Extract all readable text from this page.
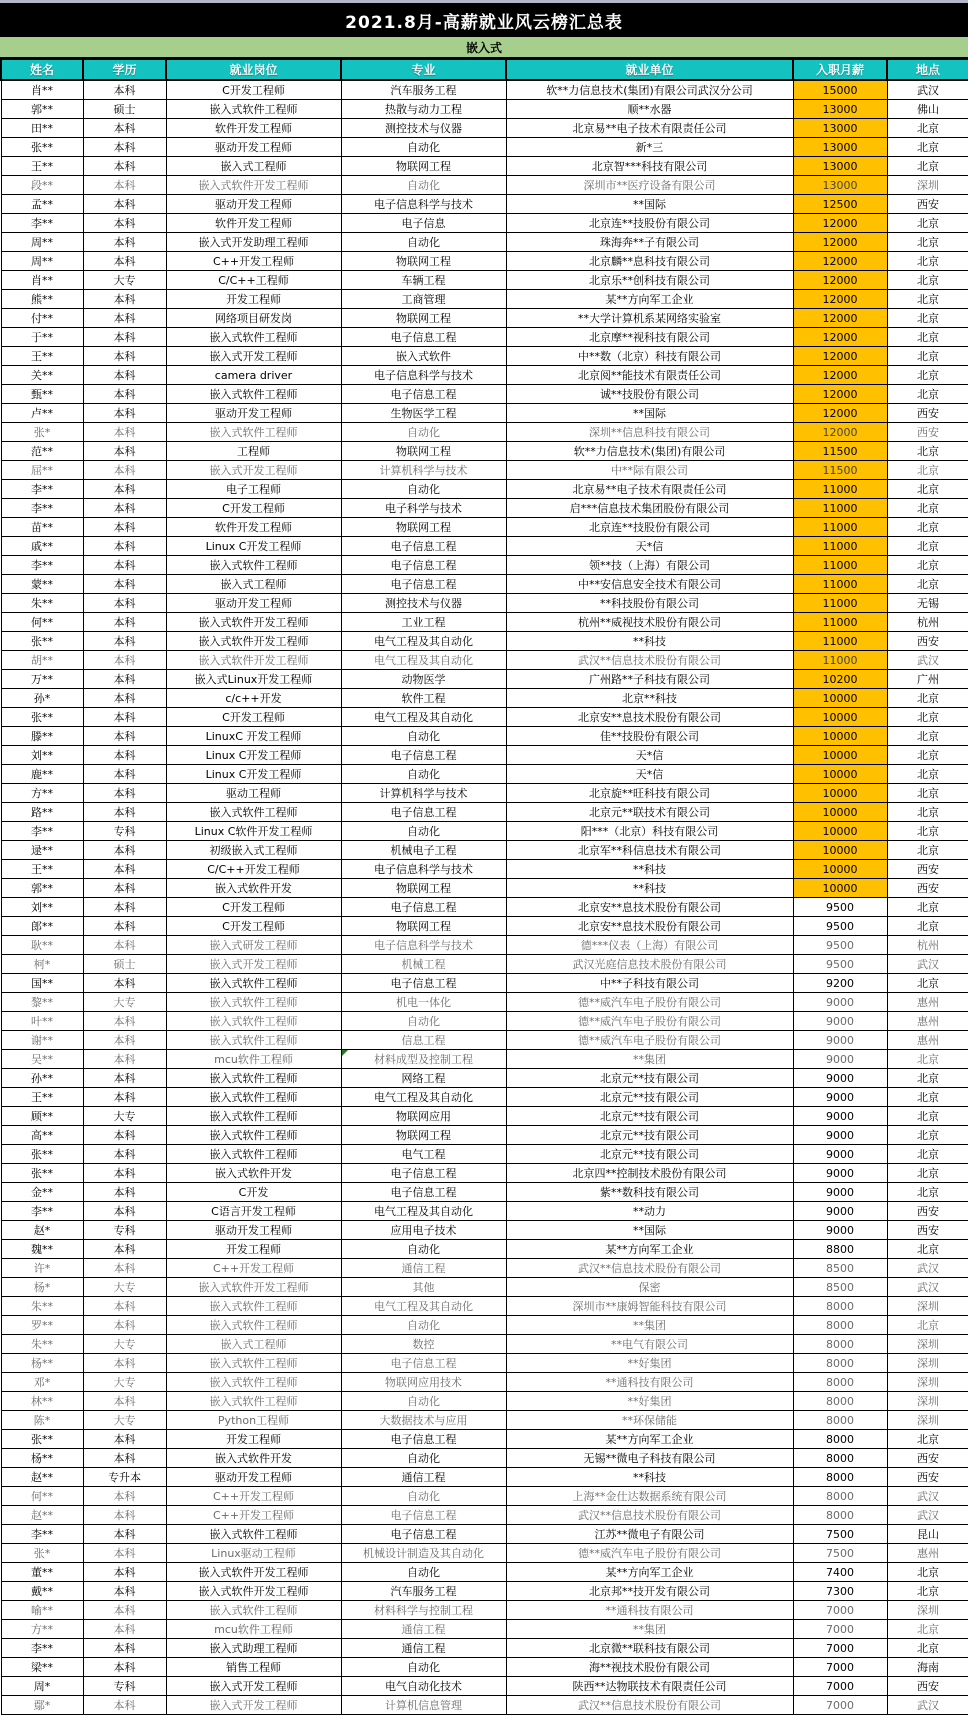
2021.8月-高薪就业风云榜汇总表
嵌入式
姓名	学历	就业岗位	专业	就业单位	入职月薪	地点
肖**	本科	C开发工程师	汽车服务工程	软**力信息技术(集团)有限公司武汉分公司	15000	武汉
郭**	硕士	嵌入式软件工程师	热散与动力工程	顺**水器	13000	佛山
田**	本科	软件开发工程师	测控技术与仪器	北京易**电子技术有限责任公司	13000	北京
张**	本科	驱动开发工程师	自动化	新*三	13000	北京
王**	本科	嵌入式工程师	物联网工程	北京智***科技有限公司	13000	北京
段**	本科	嵌入式软件开发工程师	自动化	深圳市**医疗设备有限公司	13000	深圳
孟**	本科	驱动开发工程师	电子信息科学与技术	**国际	12500	西安
李**	本科	软件开发工程师	电子信息	北京连**技股份有限公司	12000	北京
周**	本科	嵌入式开发助理工程师	自动化	珠海奔**子有限公司	12000	北京
周**	本科	C++开发工程师	物联网工程	北京麟**息科技有限公司	12000	北京
肖**	大专	C/C++工程师	车辆工程	北京乐**创科技有限公司	12000	北京
熊**	本科	开发工程师	工商管理	某**方向军工企业	12000	北京
付**	本科	网络项目研发岗	物联网工程	**大学计算机系某网络实验室	12000	北京
于**	本科	嵌入式软件工程师	电子信息工程	北京摩**视科技有限公司	12000	北京
王**	本科	嵌入式开发工程师	嵌入式软件	中**数（北京）科技有限公司	12000	北京
关**	本科	camera driver	电子信息科学与技术	北京阅**能技术有限责任公司	12000	北京
甄**	本科	嵌入式软件工程师	电子信息工程	诚**技股份有限公司	12000	北京
卢**	本科	驱动开发工程师	生物医学工程	**国际	12000	西安
张*	本科	嵌入式软件工程师	自动化	深圳**信息科技有限公司	12000	西安
范**	本科	工程师	物联网工程	软**力信息技术(集团)有限公司	11500	北京
屈**	本科	嵌入式开发工程师	计算机科学与技术	中**际有限公司	11500	北京
李**	本科	电子工程师	自动化	北京易**电子技术有限责任公司	11000	北京
李**	本科	C开发工程师	电子科学与技术	启***信息技术集团股份有限公司	11000	北京
苗**	本科	软件开发工程师	物联网工程	北京连**技股份有限公司	11000	北京
戚**	本科	Linux C开发工程师	电子信息工程	天*信	11000	北京
李**	本科	嵌入式软件工程师	电子信息工程	领**技（上海）有限公司	11000	北京
蒙**	本科	嵌入式工程师	电子信息工程	中**安信息安全技术有限公司	11000	北京
朱**	本科	驱动开发工程师	测控技术与仪器	**科技股份有限公司	11000	无锡
何**	本科	嵌入式软件开发工程师	工业工程	杭州**威视技术股份有限公司	11000	杭州
张**	本科	嵌入式软件开发工程师	电气工程及其自动化	**科技	11000	西安
胡**	本科	嵌入式软件开发工程师	电气工程及其自动化	武汉**信息技术股份有限公司	11000	武汉
万**	本科	嵌入式Linux开发工程师	动物医学	广州路**子科技有限公司	10200	广州
孙*	本科	c/c++开发	软件工程	北京**科技	10000	北京
张**	本科	C开发工程师	电气工程及其自动化	北京安**息技术股份有限公司	10000	北京
滕**	本科	LinuxC 开发工程师	自动化	佳**技股份有限公司	10000	北京
刘**	本科	Linux C开发工程师	电子信息工程	天*信	10000	北京
鹿**	本科	Linux C开发工程师	自动化	天*信	10000	北京
方**	本科	驱动工程师	计算机科学与技术	北京旋**旺科技有限公司	10000	北京
路**	本科	嵌入式软件工程师	电子信息工程	北京元**联技术有限公司	10000	北京
李**	专科	Linux C软件开发工程师	自动化	阳***（北京）科技有限公司	10000	北京
逯**	本科	初级嵌入式工程师	机械电子工程	北京军**科信息技术有限公司	10000	北京
王**	本科	C/C++开发工程师	电子信息科学与技术	**科技	10000	西安
郭**	本科	嵌入式软件开发	物联网工程	**科技	10000	西安
刘**	本科	C开发工程师	电子信息工程	北京安**息技术股份有限公司	9500	北京
郎**	本科	C开发工程师	物联网工程	北京安**息技术股份有限公司	9500	北京
耿**	本科	嵌入式研发工程师	电子信息科学与技术	德***仪表（上海）有限公司	9500	杭州
柯*	硕士	嵌入式开发工程师	机械工程	武汉光庭信息技术股份有限公司	9500	武汉
国**	本科	嵌入式软件工程师	电子信息工程	中**子科技有限公司	9200	北京
黎**	大专	嵌入式软件工程师	机电一体化	德**威汽车电子股份有限公司	9000	惠州
叶**	本科	嵌入式软件工程师	自动化	德**威汽车电子股份有限公司	9000	惠州
谢**	本科	嵌入式软件工程师	信息工程	德**威汽车电子股份有限公司	9000	惠州
吴**	本科	mcu软件工程师	材料成型及控制工程	**集团	9000	北京
孙**	本科	嵌入式软件工程师	网络工程	北京元**技有限公司	9000	北京
王**	本科	嵌入式软件工程师	电气工程及其自动化	北京元**技有限公司	9000	北京
顾**	大专	嵌入式软件工程师	物联网应用	北京元**技有限公司	9000	北京
高**	本科	嵌入式软件工程师	物联网工程	北京元**技有限公司	9000	北京
张**	本科	嵌入式软件工程师	电气工程	北京元**技有限公司	9000	北京
张**	本科	嵌入式软件开发	电子信息工程	北京四**控制技术股份有限公司	9000	北京
金**	本科	C开发	电子信息工程	紫**数科技有限公司	9000	北京
李**	本科	C语言开发工程师	电气工程及其自动化	**动力	9000	西安
赵*	专科	驱动开发工程师	应用电子技术	**国际	9000	西安
魏**	本科	开发工程师	自动化	某**方向军工企业	8800	北京
许*	本科	C++开发工程师	通信工程	武汉**信息技术股份有限公司	8500	武汉
杨*	大专	嵌入式软件开发工程师	其他	保密	8500	武汉
朱**	本科	嵌入式软件工程师	电气工程及其自动化	深圳市**康姆智能科技有限公司	8000	深圳
罗**	本科	嵌入式软件工程师	自动化	**集团	8000	北京
朱**	大专	嵌入式工程师	数控	**电气有限公司	8000	深圳
杨**	本科	嵌入式软件工程师	电子信息工程	**好集团	8000	深圳
邓*	大专	嵌入式软件工程师	物联网应用技术	**通科技有限公司	8000	深圳
林**	本科	嵌入式软件工程师	自动化	**好集团	8000	深圳
陈*	大专	Python工程师	大数据技术与应用	**环保储能	8000	深圳
张**	本科	开发工程师	电子信息工程	某**方向军工企业	8000	北京
杨**	本科	嵌入式软件开发	自动化	无锡**微电子科技有限公司	8000	西安
赵**	专升本	驱动开发工程师	通信工程	**科技	8000	西安
何**	本科	C++开发工程师	自动化	上海**金仕达数据系统有限公司	8000	武汉
赵**	本科	C++开发工程师	电子信息工程	武汉**信息技术股份有限公司	8000	武汉
李**	本科	嵌入式软件工程师	电子信息工程	江苏**微电子有限公司	7500	昆山
张*	本科	Linux驱动工程师	机械设计制造及其自动化	德**威汽车电子股份有限公司	7500	惠州
董**	本科	嵌入式软件开发工程师	自动化	某**方向军工企业	7400	北京
戴**	本科	嵌入式软件开发工程师	汽车服务工程	北京邦**技开发有限公司	7300	北京
喻**	本科	嵌入式软件工程师	材料科学与控制工程	**通科技有限公司	7000	深圳
方**	本科	mcu软件工程师	通信工程	**集团	7000	北京
李**	本科	嵌入式助理工程师	通信工程	北京微**联科技有限公司	7000	北京
梁**	本科	销售工程师	自动化	海**视技术股份有限公司	7000	海南
周*	专科	嵌入式开发工程师	电气自动化技术	陕西**达物联技术有限责任公司	7000	西安
鄢*	本科	嵌入式开发工程师	计算机信息管理	武汉**信息技术股份有限公司	7000	武汉
